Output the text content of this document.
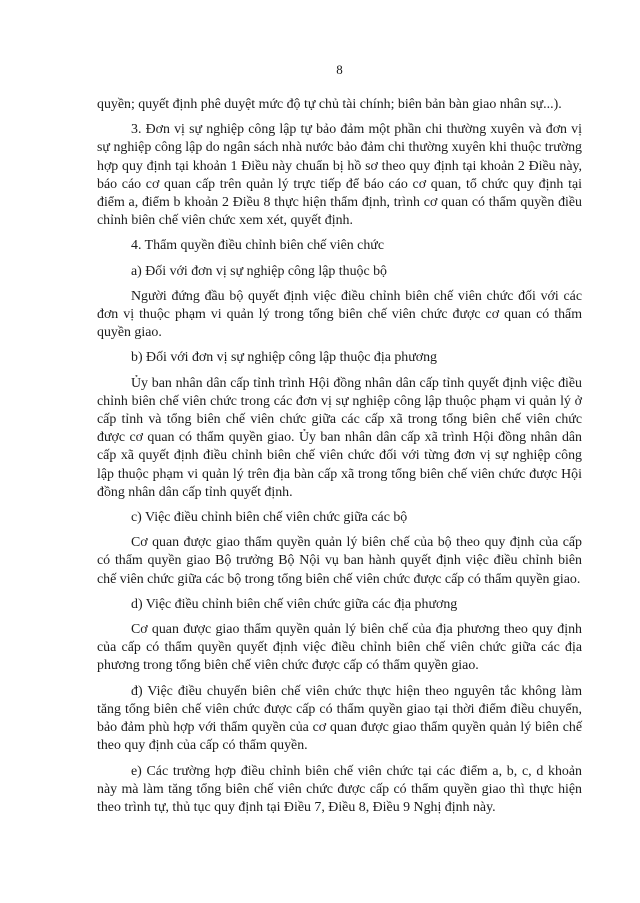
8

quyền; quyết định phê duyệt mức độ tự chủ tài chính; biên bản bàn giao nhân sự...).

3. Đơn vị sự nghiệp công lập tự bảo đảm một phần chi thường xuyên và đơn vị sự nghiệp công lập do ngân sách nhà nước bảo đảm chi thường xuyên khi thuộc trường hợp quy định tại khoản 1 Điều này chuẩn bị hồ sơ theo quy định tại khoản 2 Điều này, báo cáo cơ quan cấp trên quản lý trực tiếp để báo cáo cơ quan, tổ chức quy định tại điểm a, điểm b khoản 2 Điều 8 thực hiện thẩm định, trình cơ quan có thẩm quyền điều chỉnh biên chế viên chức xem xét, quyết định.

4. Thẩm quyền điều chỉnh biên chế viên chức

a) Đối với đơn vị sự nghiệp công lập thuộc bộ

Người đứng đầu bộ quyết định việc điều chỉnh biên chế viên chức đối với các đơn vị thuộc phạm vi quản lý trong tổng biên chế viên chức được cơ quan có thẩm quyền giao.

b) Đối với đơn vị sự nghiệp công lập thuộc địa phương

Ủy ban nhân dân cấp tỉnh trình Hội đồng nhân dân cấp tỉnh quyết định việc điều chỉnh biên chế viên chức trong các đơn vị sự nghiệp công lập thuộc phạm vi quản lý ở cấp tỉnh và tổng biên chế viên chức giữa các cấp xã trong tổng biên chế viên chức được cơ quan có thẩm quyền giao. Ủy ban nhân dân cấp xã trình Hội đồng nhân dân cấp xã quyết định điều chỉnh biên chế viên chức đối với từng đơn vị sự nghiệp công lập thuộc phạm vi quản lý trên địa bàn cấp xã trong tổng biên chế viên chức được Hội đồng nhân dân cấp tỉnh quyết định.

c) Việc điều chỉnh biên chế viên chức giữa các bộ

Cơ quan được giao thẩm quyền quản lý biên chế của bộ theo quy định của cấp có thẩm quyền giao Bộ trưởng Bộ Nội vụ ban hành quyết định việc điều chỉnh biên chế viên chức giữa các bộ trong tổng biên chế viên chức được cấp có thẩm quyền giao.

d) Việc điều chỉnh biên chế viên chức giữa các địa phương

Cơ quan được giao thẩm quyền quản lý biên chế của địa phương theo quy định của cấp có thẩm quyền quyết định việc điều chỉnh biên chế viên chức giữa các địa phương trong tổng biên chế viên chức được cấp có thẩm quyền giao.

đ) Việc điều chuyển biên chế viên chức thực hiện theo nguyên tắc không làm tăng tổng biên chế viên chức được cấp có thẩm quyền giao tại thời điểm điều chuyển, bảo đảm phù hợp với thẩm quyền của cơ quan được giao thẩm quyền quản lý biên chế theo quy định của cấp có thẩm quyền.

e) Các trường hợp điều chỉnh biên chế viên chức tại các điểm a, b, c, d khoản này mà làm tăng tổng biên chế viên chức được cấp có thẩm quyền giao thì thực hiện theo trình tự, thủ tục quy định tại Điều 7, Điều 8, Điều 9 Nghị định này.
